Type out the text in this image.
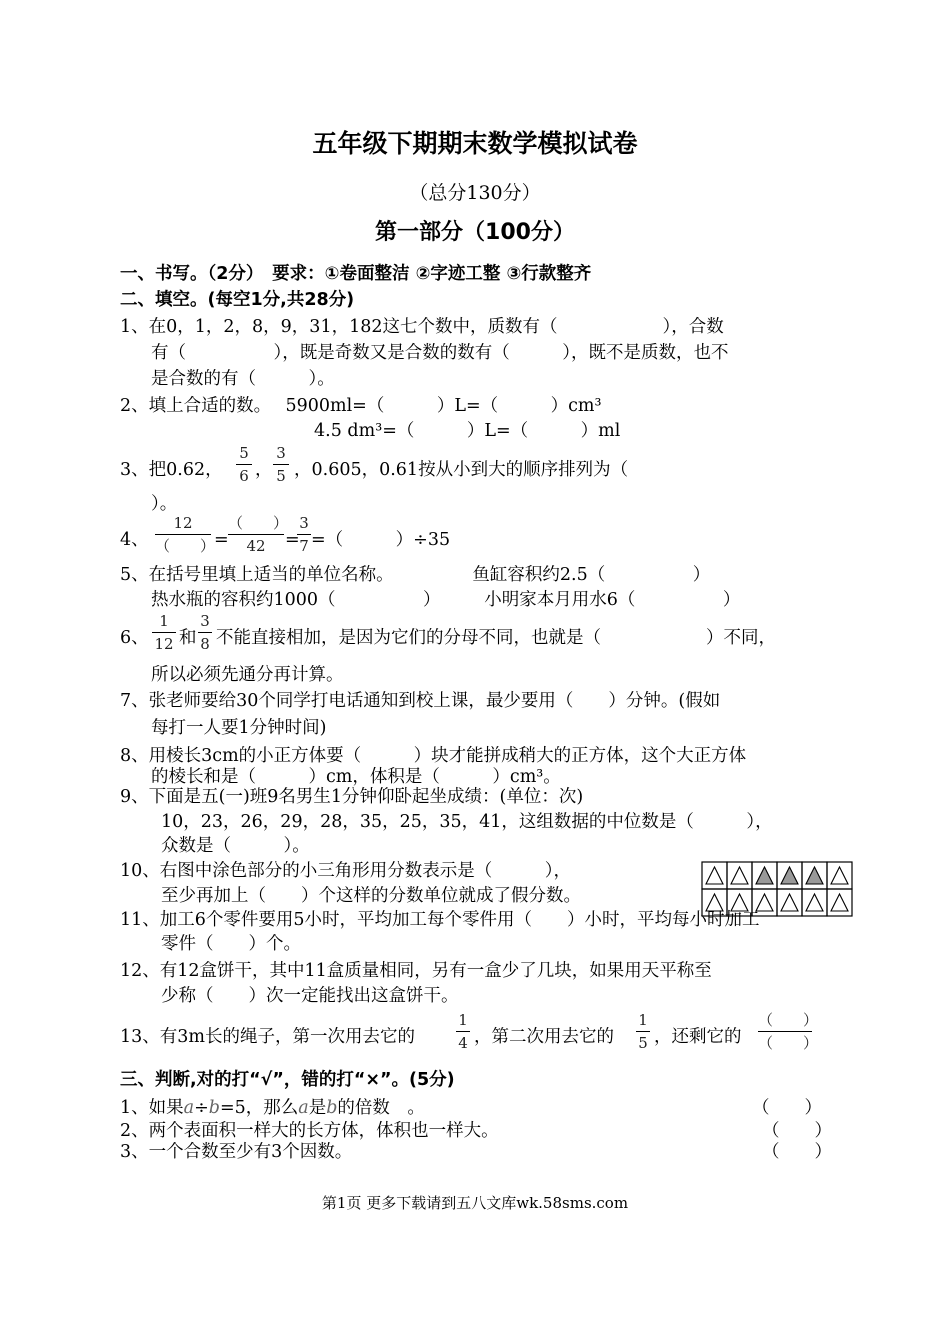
五年级下期期末数学模拟试卷
（总分130分）
第一部分（100分）
一、书写。（2分）　要求：①卷面整洁 ②字迹工整 ③行款整齐
二、填空。(每空1分,共28分)
1、在0，1，2，8，9，31，182这七个数中，质数有（　　　　　　），合数
有（　　　　　），既是奇数又是合数的数有（　　　），既不是质数，也不
是合数的有（　　　）。
2、填上合适的数。　 5900ml=（　　　）L=（　　　）cm³
4.5 dm³=（　　　）L=（　　　）ml
3、把0.62，
5
6 ，
3
5 ，0.605，0.61按从小到大的顺序排列为（
）。
4、
12
（　　）
=
（　　）
42	=
3
7 =（　　　）÷35
5、在括号里填上适当的单位名称。　　　　　鱼缸容积约2.5（　　　　　）
热水瓶的容积约1000（　　　　　）　　　小明家本月用水6（　　　　　）
6、
1
12 和
3
8 不能直接相加，是因为它们的分母不同，也就是（　　　　　　）不同，
所以必须先通分再计算。
7、张老师要给30个同学打电话通知到校上课，最少要用（　　）分钟。(假如
每打一人要1分钟时间)
8、用棱长3cm的小正方体要（　　　）块才能拼成稍大的正方体，这个大正方体
的棱长和是（　　　）cm，体积是（　　　）cm³。
9、下面是五(一)班9名男生1分钟仰卧起坐成绩：(单位：次)
10，23，26，29，28，35，25，35，41，这组数据的中位数是（　　　），
众数是（　　　）。
10、右图中涂色部分的小三角形用分数表示是（　　　），
至少再加上（　　）个这样的分数单位就成了假分数。
11、加工6个零件要用5小时，平均加工每个零件用（　　）小时，平均每小时加工
零件（　　）个。
12、有12盒饼干，其中11盒质量相同，另有一盒少了几块，如果用天平称至
少称（　　）次一定能找出这盒饼干。
13、有3m长的绳子，第一次用去它的
1
4 ，第二次用去它的
1
5 ，还剩它的
（　　）
（　　）
三、判断,对的打“√”，错的打“×”。(5分)
1、如果a÷b=5，那么a是b的倍数　。	（　　）
2、两个表面积一样大的长方体，体积也一样大。	（　　）
3、一个合数至少有3个因数。	（　　）
第1页 更多下载请到五八文库wk.58sms.com
